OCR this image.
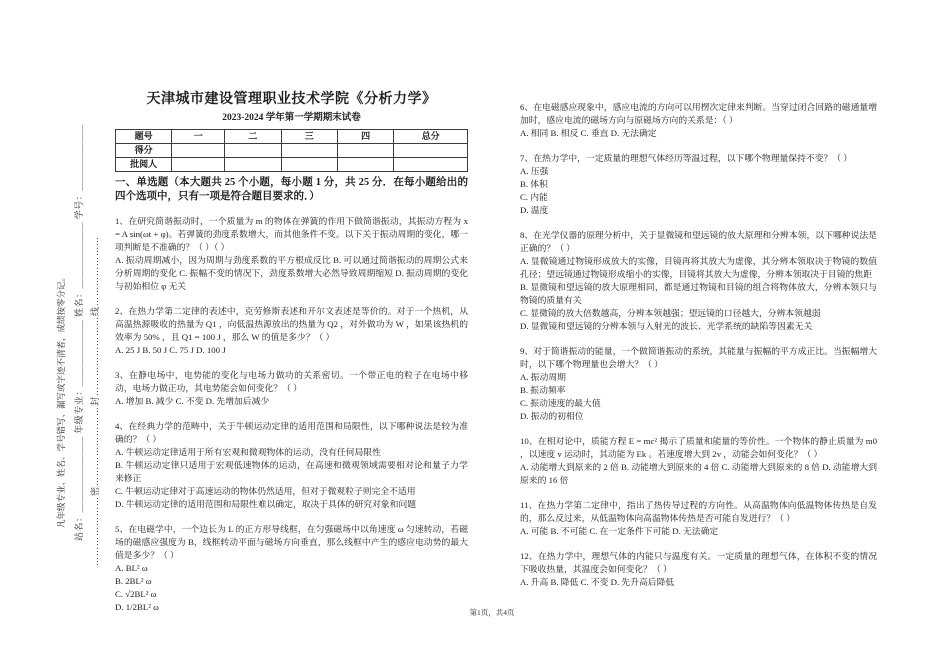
凡年级专业、姓名、学号错写、漏写或字迹不清者，成绩按零分记。 站名：＿＿＿＿＿＿＿＿ 年级专业：＿＿＿＿＿＿＿ 姓名：＿＿＿＿＿＿＿ 学号：＿＿＿＿＿＿＿ …………………密……………………封……………………线…………………
天津城市建设管理职业技术学院《分析力学》
2023-2024 学年第一学期期末试卷
题号	一	二	三	四	总分
得分					
批阅人					
一、单选题（本大题共 25 个小题，每小题 1 分，共 25 分．在每小题给出的四个选项中，只有一项是符合题目要求的．）
1、在研究简谐振动时，一个质量为 m 的物体在弹簧的作用下做简谐振动，其振动方程为 x = A sin(ωt + φ)。若弹簧的劲度系数增大，而其他条件不变。以下关于振动周期的变化，哪一项判断是不准确的？（ ）（ ）
A. 振动周期减小，因为周期与劲度系数的平方根成反比 B. 可以通过简谐振动的周期公式来分析周期的变化 C. 振幅不变的情况下，劲度系数增大必然导致周期缩短 D. 振动周期的变化与初始相位 φ 无关
2、在热力学第二定律的表述中，克劳修斯表述和开尔文表述是等价的。对于一个热机，从高温热源吸收的热量为 Q1 ，向低温热源放出的热量为 Q2 ，对外做功为 W ，如果该热机的效率为 50% ，且 Q1 = 100 J ，那么 W 的值是多少？（ ）
A. 25 J B. 50 J C. 75 J D. 100 J
3、在静电场中，电势能的变化与电场力做功的关系密切。一个带正电的粒子在电场中移动，电场力做正功，其电势能会如何变化？（ ）
A. 增加 B. 减少 C. 不变 D. 先增加后减少
4、在经典力学的范畴中，关于牛顿运动定律的适用范围和局限性，以下哪种说法是较为准确的？（ ）
A. 牛顿运动定律适用于所有宏观和微观物体的运动，没有任何局限性
B. 牛顿运动定律只适用于宏观低速物体的运动，在高速和微观领域需要相对论和量子力学来修正
C. 牛顿运动定律对于高速运动的物体仍然适用，但对于微观粒子则完全不适用
D. 牛顿运动定律的适用范围和局限性难以确定，取决于具体的研究对象和问题
5、在电磁学中，一个边长为 L 的正方形导线框，在匀强磁场中以角速度 ω 匀速转动，若磁场的磁感应强度为 B，线框转动平面与磁场方向垂直，那么线框中产生的感应电动势的最大值是多少？（ ）
A. BL² ω
B. 2BL² ω
C. √2BL² ω
D. 1/2BL² ω
6、在电磁感应现象中，感应电流的方向可以用楞次定律来判断。当穿过闭合回路的磁通量增加时，感应电流的磁场方向与原磁场方向的关系是：（ ）
A. 相同 B. 相反 C. 垂直 D. 无法确定
7、在热力学中，一定质量的理想气体经历等温过程，以下哪个物理量保持不变？（ ）
A. 压强
B. 体积
C. 内能
D. 温度
8、在光学仪器的原理分析中，关于显微镜和望远镜的放大原理和分辨本领，以下哪种说法是正确的？（ ）
A. 显微镜通过物镜形成放大的实像，目镜再将其放大为虚像，其分辨本领取决于物镜的数值孔径；望远镜通过物镜形成缩小的实像，目镜将其放大为虚像，分辨本领取决于目镜的焦距
B. 显微镜和望远镜的放大原理相同，都是通过物镜和目镜的组合将物体放大，分辨本领只与物镜的质量有关
C. 显微镜的放大倍数越高，分辨本领越强；望远镜的口径越大，分辨本领越弱
D. 显微镜和望远镜的分辨本领与入射光的波长、光学系统的缺陷等因素无关
9、对于简谐振动的能量，一个做简谐振动的系统，其能量与振幅的平方成正比。当振幅增大时，以下哪个物理量也会增大？（ ）
A. 振动周期
B. 振动频率
C. 振动速度的最大值
D. 振动的初相位
10、在相对论中，质能方程 E = mc² 揭示了质量和能量的等价性。一个物体的静止质量为 m0 ，以速度 v 运动时，其动能为 Ek 。若速度增大到 2v ，动能会如何变化？（ ）
A. 动能增大到原来的 2 倍 B. 动能增大到原来的 4 倍 C. 动能增大到原来的 8 倍 D. 动能增大到原来的 16 倍
11、在热力学第二定律中，指出了热传导过程的方向性。从高温物体向低温物体传热是自发的，那么反过来，从低温物体向高温物体传热是否可能自发进行？（ ）
A. 可能 B. 不可能 C. 在一定条件下可能 D. 无法确定
12、在热力学中，理想气体的内能只与温度有关。一定质量的理想气体，在体积不变的情况下吸收热量，其温度会如何变化？（ ）
A. 升高 B. 降低 C. 不变 D. 先升高后降低
第1页，共4页
